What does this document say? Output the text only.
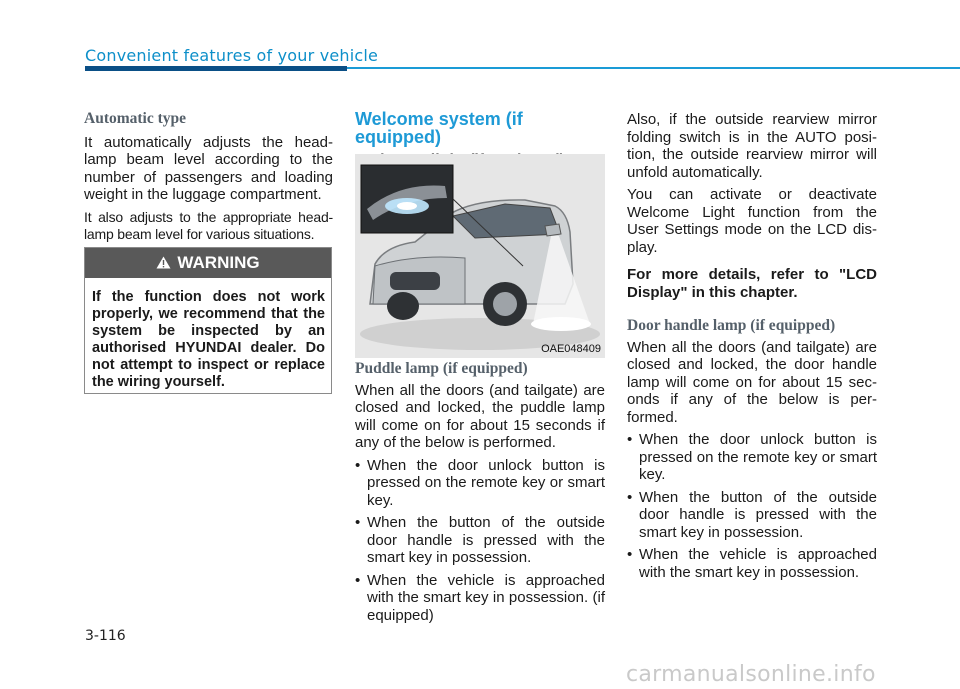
Convenient features of your vehicle
Automatic type

It automatically adjusts the head-lamp beam level according to the number of passengers and loading weight in the luggage compartment.

It also adjusts to the appropriate head-lamp beam level for various situations.

WARNING
If the function does not work properly, we recommend that the system be inspected by an authorised HYUNDAI dealer. Do not attempt to inspect or replace the wiring yourself.
Welcome system (if equipped)
OAE048409
Puddle lamp (if equipped)

When all the doors (and tailgate) are closed and locked, the puddle lamp will come on for about 15 seconds if any of the below is performed.

• When the door unlock button is pressed on the remote key or smart key.
• When the button of the outside door handle is pressed with the smart key in possession.
• When the vehicle is approached with the smart key in possession. (if equipped)

Also, if the outside rearview mirror folding switch is in the AUTO posi-tion, the outside rearview mirror will unfold automatically.

You can activate or deactivate Welcome Light function from the User Settings mode on the LCD dis-play.

For more details, refer to "LCD Display" in this chapter.

Door handle lamp (if equipped)

When all the doors (and tailgate) are closed and locked, the door handle lamp will come on for about 15 sec-onds if any of the below is per-formed.

• When the door unlock button is pressed on the remote key or smart key.
• When the button of the outside door handle is pressed with the smart key in possession.
• When the vehicle is approached with the smart key in possession.
3-116
carmanualsonline.info
